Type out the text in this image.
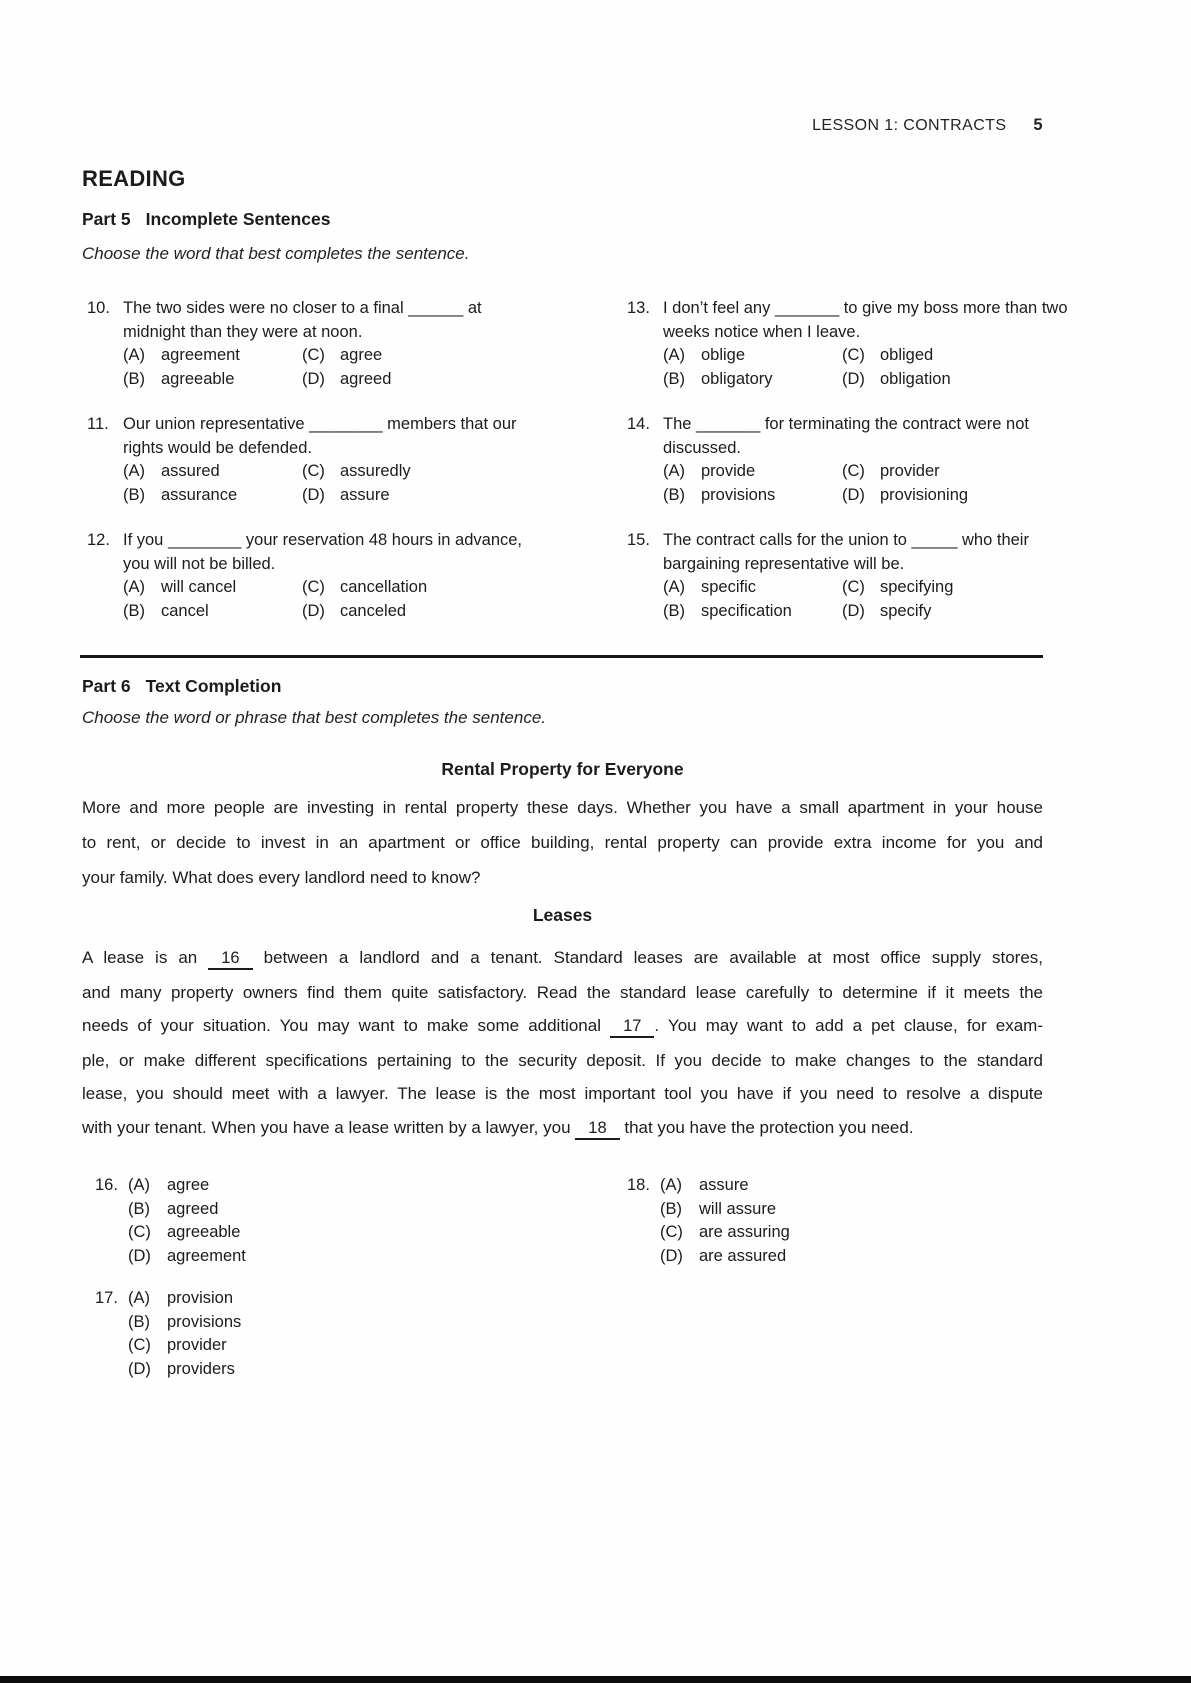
LESSON 1: CONTRACTS 5
READING
Part 5 Incomplete Sentences
Choose the word that best completes the sentence.
10. The two sides were no closer to a final ______ at midnight than they were at noon.
(A) agreement	(C) agree
(B) agreeable	(D) agreed
11. Our union representative ________ members that our rights would be defended.
(A) assured	(C) assuredly
(B) assurance	(D) assure
12. If you ________ your reservation 48 hours in advance, you will not be billed.
(A) will cancel	(C) cancellation
(B) cancel	(D) canceled
13. I don’t feel any _______ to give my boss more than two weeks notice when I leave.
(A) oblige	(C) obliged
(B) obligatory	(D) obligation
14. The _______ for terminating the contract were not discussed.
(A) provide	(C) provider
(B) provisions	(D) provisioning
15. The contract calls for the union to _____ who their bargaining representative will be.
(A) specific	(C) specifying
(B) specification	(D) specify
Part 6 Text Completion
Choose the word or phrase that best completes the sentence.
Rental Property for Everyone
More and more people are investing in rental property these days. Whether you have a small apartment in your house
to rent, or decide to invest in an apartment or office building, rental property can provide extra income for you and
your family. What does every landlord need to know?
Leases
A lease is an 16 between a landlord and a tenant. Standard leases are available at most office supply stores,
and many property owners find them quite satisfactory. Read the standard lease carefully to determine if it meets the
needs of your situation. You may want to make some additional 17 . You may want to add a pet clause, for exam-
ple, or make different specifications pertaining to the security deposit. If you decide to make changes to the standard
lease, you should meet with a lawyer. The lease is the most important tool you have if you need to resolve a dispute
with your tenant. When you have a lease written by a lawyer, you 18 that you have the protection you need.
16. (A)	agree
(B)	agreed
(C) agreeable
(D) agreement
17. (A)	provision
(B)	provisions
(C) provider
(D) providers
18. (A)	assure
(B)	will assure
(C) are assuring
(D) are assured
